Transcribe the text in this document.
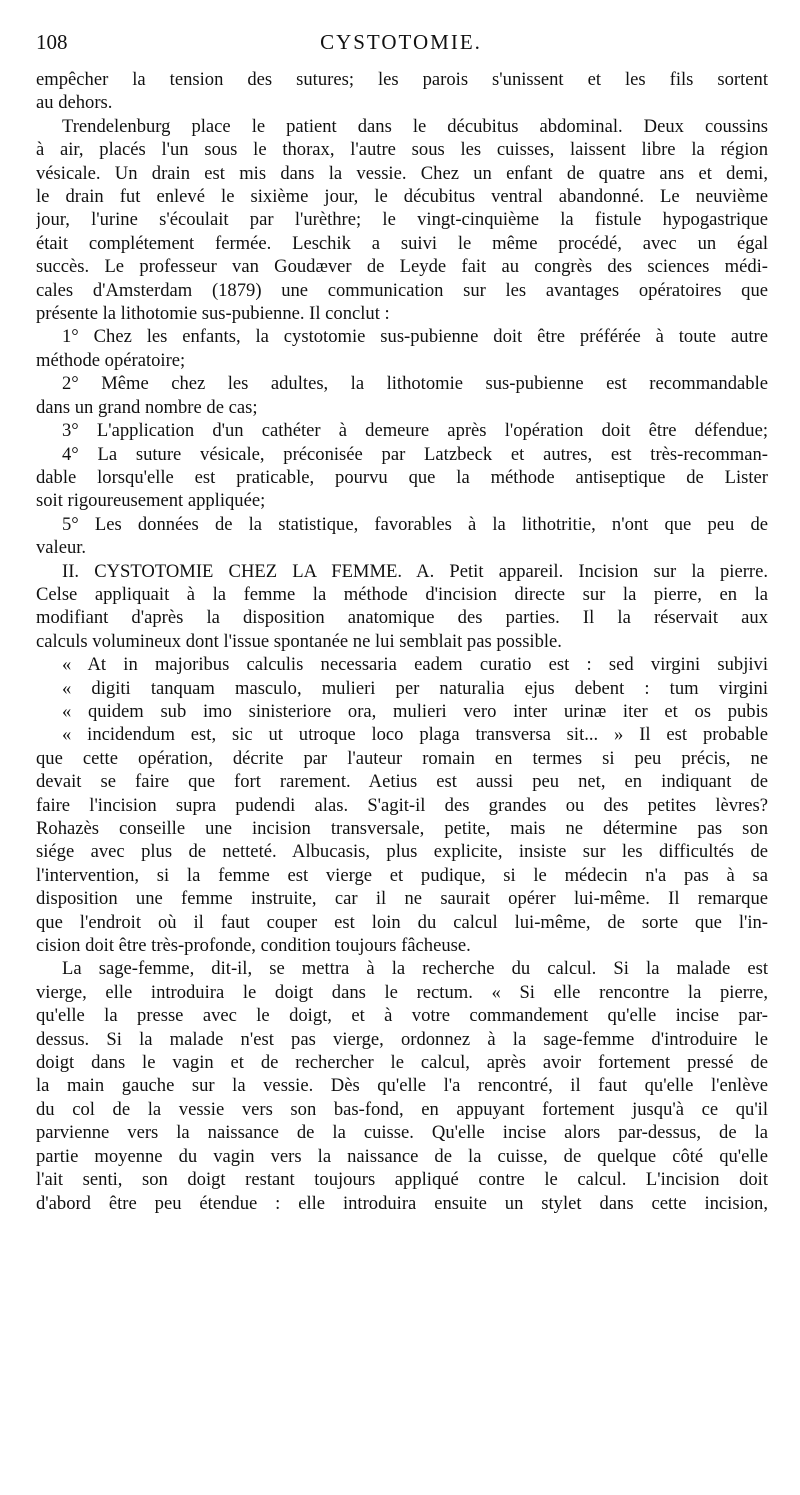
108	CYSTOTOMIE.
empêcher la tension des sutures; les parois s'unissent et les fils sortent
au dehors.
Trendelenburg place le patient dans le décubitus abdominal. Deux coussins
à air, placés l'un sous le thorax, l'autre sous les cuisses, laissent libre la région
vésicale. Un drain est mis dans la vessie. Chez un enfant de quatre ans et demi,
le drain fut enlevé le sixième jour, le décubitus ventral abandonné. Le neuvième
jour, l'urine s'écoulait par l'urèthre; le vingt-cinquième la fistule hypogastrique
était complétement fermée. Leschik a suivi le même procédé, avec un égal
succès. Le professeur van Goudæver de Leyde fait au congrès des sciences médi-
cales d'Amsterdam (1879) une communication sur les avantages opératoires que
présente la lithotomie sus-pubienne. Il conclut :
1° Chez les enfants, la cystotomie sus-pubienne doit être préférée à toute autre
méthode opératoire;
2° Même chez les adultes, la lithotomie sus-pubienne est recommandable
dans un grand nombre de cas;
3° L'application d'un cathéter à demeure après l'opération doit être défendue;
4° La suture vésicale, préconisée par Latzbeck et autres, est très-recomman-
dable lorsqu'elle est praticable, pourvu que la méthode antiseptique de Lister
soit rigoureusement appliquée;
5° Les données de la statistique, favorables à la lithotritie, n'ont que peu de
valeur.
II. CYSTOTOMIE CHEZ LA FEMME. A. Petit appareil. Incision sur la pierre.
Celse appliquait à la femme la méthode d'incision directe sur la pierre, en la
modifiant d'après la disposition anatomique des parties. Il la réservait aux
calculs volumineux dont l'issue spontanée ne lui semblait pas possible.
« At in majoribus calculis necessaria eadem curatio est : sed virgini subjivi
« digiti tanquam masculo, mulieri per naturalia ejus debent : tum virgini
« quidem sub imo sinisteriore ora, mulieri vero inter urinæ iter et os pubis
« incidendum est, sic ut utroque loco plaga transversa sit... » Il est probable
que cette opération, décrite par l'auteur romain en termes si peu précis, ne
devait se faire que fort rarement. Aetius est aussi peu net, en indiquant de
faire l'incision supra pudendi alas. S'agit-il des grandes ou des petites lèvres?
Rohazès conseille une incision transversale, petite, mais ne détermine pas son
siége avec plus de netteté. Albucasis, plus explicite, insiste sur les difficultés de
l'intervention, si la femme est vierge et pudique, si le médecin n'a pas à sa
disposition une femme instruite, car il ne saurait opérer lui-même. Il remarque
que l'endroit où il faut couper est loin du calcul lui-même, de sorte que l'in-
cision doit être très-profonde, condition toujours fâcheuse.
La sage-femme, dit-il, se mettra à la recherche du calcul. Si la malade est
vierge, elle introduira le doigt dans le rectum. « Si elle rencontre la pierre,
qu'elle la presse avec le doigt, et à votre commandement qu'elle incise par-
dessus. Si la malade n'est pas vierge, ordonnez à la sage-femme d'introduire le
doigt dans le vagin et de rechercher le calcul, après avoir fortement pressé de
la main gauche sur la vessie. Dès qu'elle l'a rencontré, il faut qu'elle l'enlève
du col de la vessie vers son bas-fond, en appuyant fortement jusqu'à ce qu'il
parvienne vers la naissance de la cuisse. Qu'elle incise alors par-dessus, de la
partie moyenne du vagin vers la naissance de la cuisse, de quelque côté qu'elle
l'ait senti, son doigt restant toujours appliqué contre le calcul. L'incision doit
d'abord être peu étendue : elle introduira ensuite un stylet dans cette incision,
